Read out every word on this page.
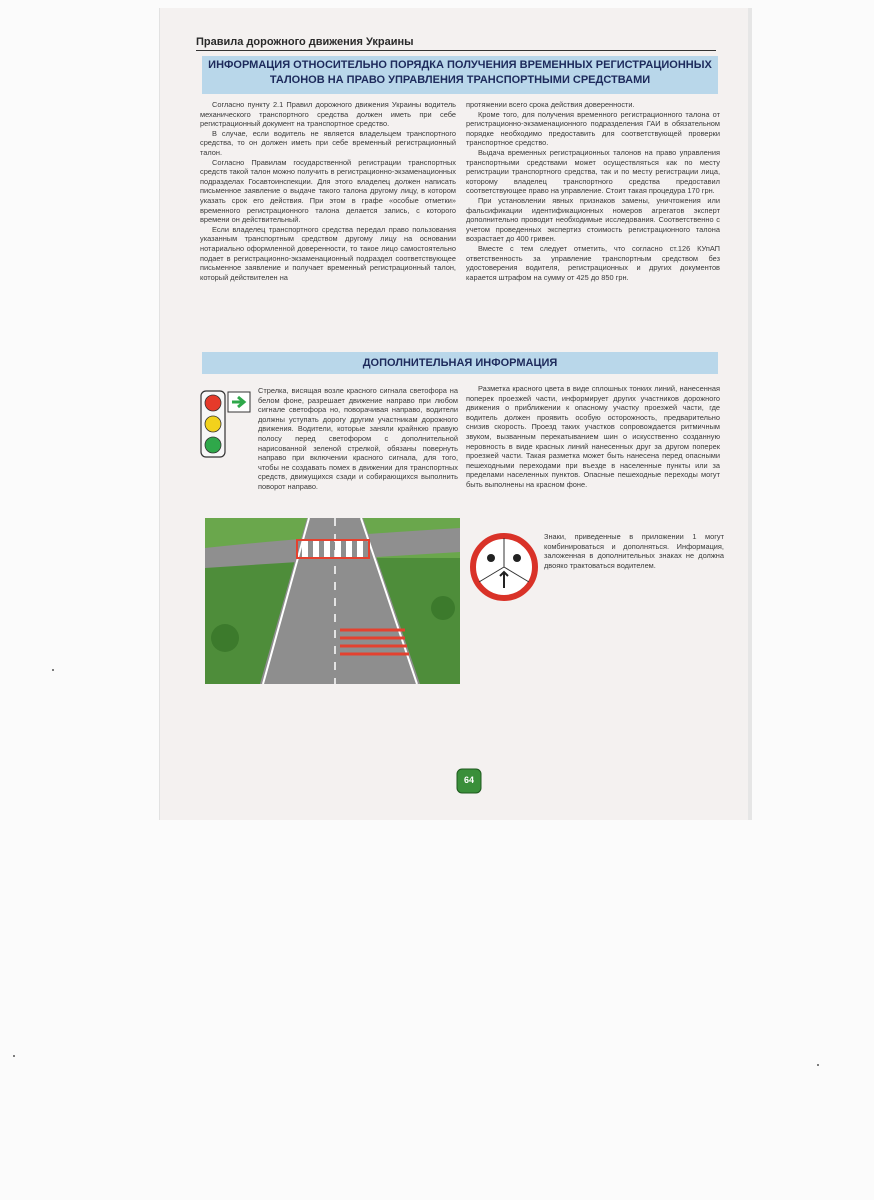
Правила дорожного движения Украины
ИНФОРМАЦИЯ ОТНОСИТЕЛЬНО ПОРЯДКА ПОЛУЧЕНИЯ ВРЕМЕННЫХ РЕГИСТРАЦИОННЫХ
ТАЛОНОВ НА ПРАВО УПРАВЛЕНИЯ ТРАНСПОРТНЫМИ СРЕДСТВАМИ

Согласно пункту 2.1 Правил дорожного движения Украины водитель механического транспортного средства должен иметь при себе регистрационный документ на транспортное средство.

В случае, если водитель не является владельцем транспортного средства, то он должен иметь при себе временный регистрационный талон.

Согласно Правилам государственной регистрации транспортных средств такой талон можно получить в регистрационно-экзаменационных подразделах Госавтоинспекции. Для этого владелец должен написать письменное заявление о выдаче такого талона другому лицу, в котором указать срок его действия. При этом в графе «особые отметки» временного регистрационного талона делается запись, с которого времени он действительный.

Если владелец транспортного средства передал право пользования указанным транспортным средством другому лицу на основании нотариально оформленной доверенности, то такое лицо самостоятельно подает в регистрационно-экзаменационный подраздел соответствующее письменное заявление и получает временный регистрационный талон, который действителен на

протяжении всего срока действия доверенности.

Кроме того, для получения временного регистрационного талона от регистрационно-экзаменационного подразделения ГАИ в обязательном порядке необходимо предоставить для соответствующей проверки транспортное средство.

Выдача временных регистрационных талонов на право управления транспортными средствами может осуществляться как по месту регистрации транспортного средства, так и по месту регистрации лица, которому владелец транспортного средства предоставил соответствующее право на управление. Стоит такая процедура 170 грн.

При установлении явных признаков замены, уничтожения или фальсификации идентификационных номеров агрегатов эксперт дополнительно проводит необходимые исследования. Соответственно с учетом проведенных экспертиз стоимость регистрационного талона возрастает до 400 гривен.

Вместе с тем следует отметить, что согласно ст.126 КУпАП ответственность за управление транспортным средством без удостоверения водителя, регистрационных и других документов карается штрафом на сумму от 425 до 850 грн.

ДОПОЛНИТЕЛЬНАЯ ИНФОРМАЦИЯ

Стрелка, висящая возле красного сигнала светофора на белом фоне, разрешает движение направо при любом сигнале светофора но, поворачивая направо, водители должны уступать дорогу другим участникам дорожного движения. Водители, которые заняли крайнюю правую полосу перед светофором с дополнительной нарисованной зеленой стрелкой, обязаны повернуть направо при включении красного сигнала, для того, чтобы не создавать помех в движении для транспортных средств, движущихся сзади и собирающихся выполнить поворот направо.

Разметка красного цвета в виде сплошных тонких линий, нанесенная поперек проезжей части, информирует других участников дорожного движения о приближении к опасному участку проезжей части, где водитель должен проявить особую осторожность, предварительно снизив скорость. Проезд таких участков сопровождается ритмичным звуком, вызванным перекатыванием шин о искусственно созданную неровность в виде красных линий нанесенных друг за другом поперек проезжей части. Такая разметка может быть нанесена перед опасными пешеходными переходами при въезде в населенные пункты или за пределами населенных пунктов. Опасные пешеходные переходы могут быть выполнены на красном фоне.

Знаки, приведенные в приложении 1 могут комбинироваться и дополняться. Информация, заложенная в дополнительных знаках не должна двояко трактоваться водителем.

64
